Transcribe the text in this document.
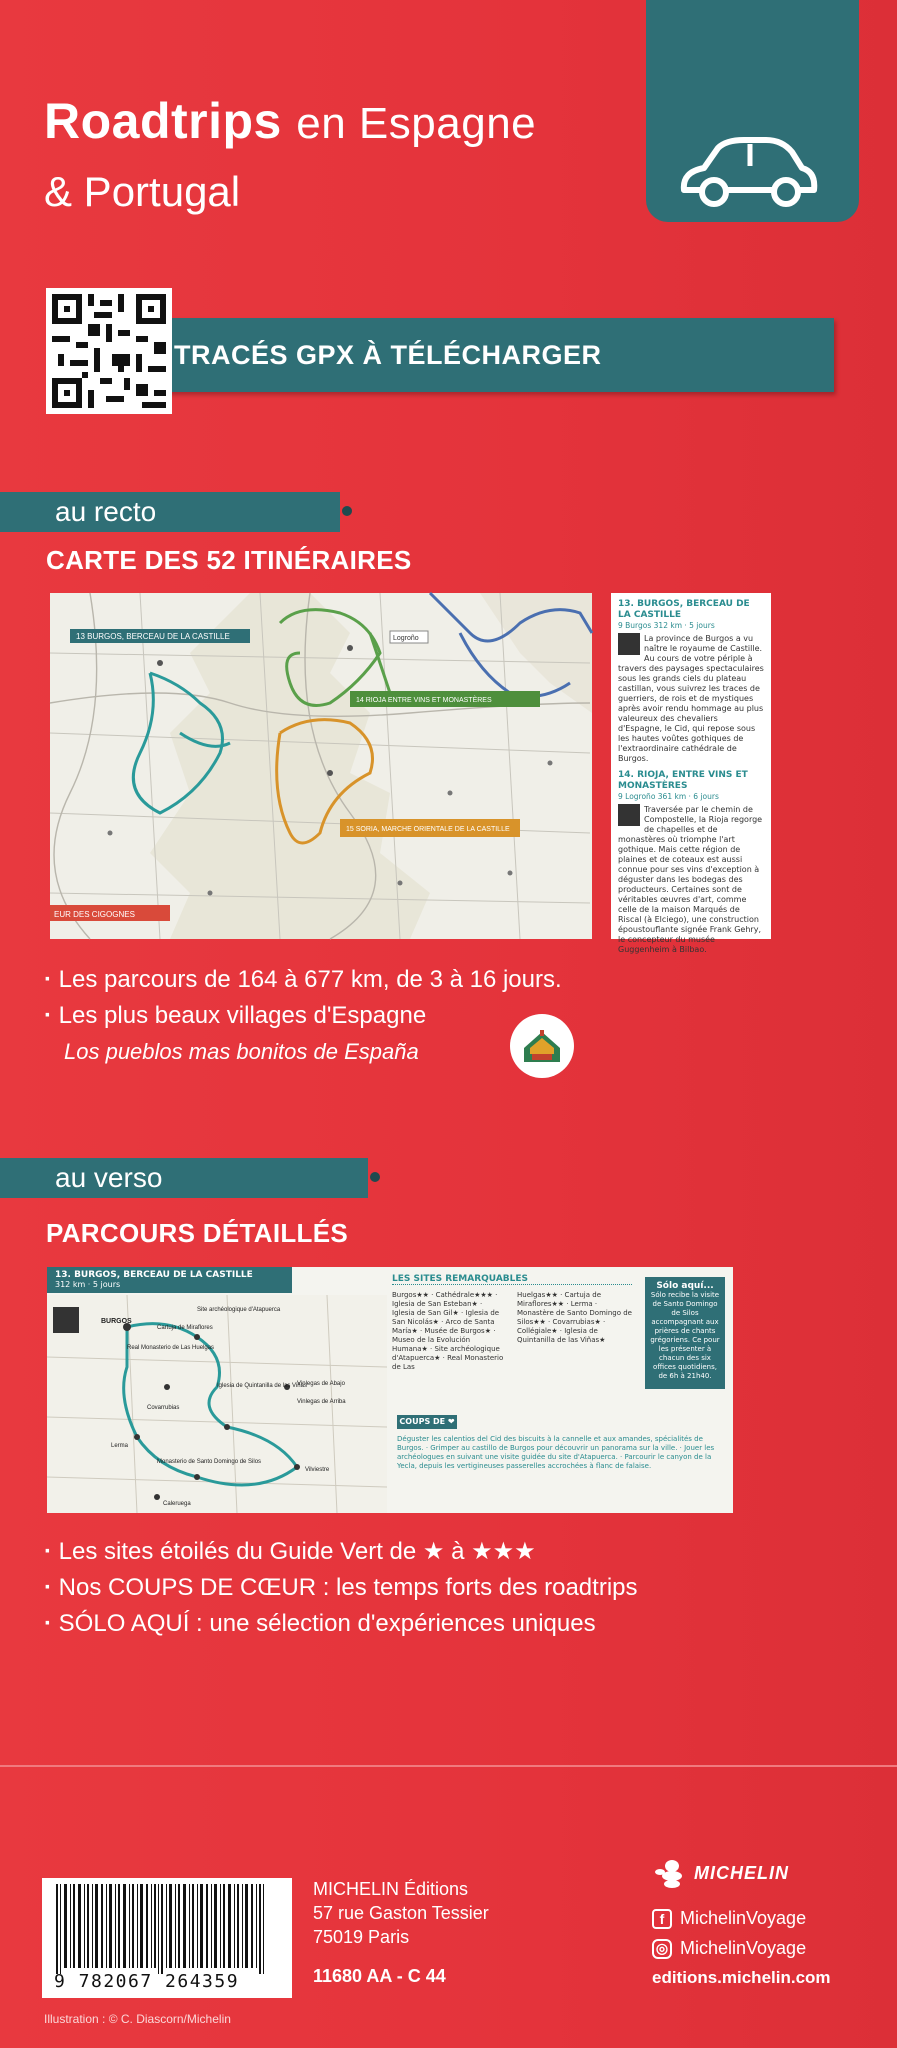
Roadtrips en Espagne
& Portugal
TRACÉS GPX À TÉLÉCHARGER
au recto
CARTE DES 52 ITINÉRAIRES
13 BURGOS, BERCEAU DE LA CASTILLE
14 RIOJA ENTRE VINS ET MONASTÈRES
15 SORIA, MARCHE ORIENTALE DE LA CASTILLE
EUR DES CIGOGNES
Logroño
13. BURGOS, BERCEAU DE LA CASTILLE
9 Burgos 312 km · 5 jours

La province de Burgos a vu naître le royaume de Castille. Au cours de votre périple à travers des paysages spectaculaires sous les grands ciels du plateau castillan, vous suivrez les traces de guerriers, de rois et de mystiques après avoir rendu hommage au plus valeureux des chevaliers d'Espagne, le Cid, qui repose sous les hautes voûtes gothiques de l'extraordinaire cathédrale de Burgos.

14. RIOJA, ENTRE VINS ET MONASTÈRES
9 Logroño 361 km · 6 jours

Traversée par le chemin de Compostelle, la Rioja regorge de chapelles et de monastères où triomphe l'art gothique. Mais cette région de plaines et de coteaux est aussi connue pour ses vins d'exception à déguster dans les bodegas des producteurs. Certaines sont de véritables œuvres d'art, comme celle de la maison Marqués de Riscal (à Elciego), une construction époustouflante signée Frank Gehry, le concepteur du musée Guggenheim à Bilbao.

· Les parcours de 164 à 677 km, de 3 à 16 jours.
· Les plus beaux villages d'Espagne
Los pueblos mas bonitos de España
au verso
PARCOURS DÉTAILLÉS
13. BURGOS, BERCEAU DE LA CASTILLE
312 km · 5 jours
BURGOS
Cartuja de Miraflores
Site archéologique d'Atapuerca
Real Monasterio de Las Huelgas
Iglesia de Quintanilla de las Viñas
Covarrubias
Vinlegas de Abajo
Vinlegas de Arriba
Lerma
Monasterio de Santo Domingo de Silos
Vilviestre
Caleruega
LES SITES REMARQUABLES
Burgos★★ · Cathédrale★★★ · Iglesia de San Esteban★ · Iglesia de San Gil★ · Iglesia de San Nicolás★ · Arco de Santa María★ · Musée de Burgos★ · Museo de la Evolución Humana★ · Site archéologique d'Atapuerca★ · Real Monasterio de Las
Huelgas★★ · Cartuja de Miraflores★★ · Lerma · Monastère de Santo Domingo de Silos★★ · Covarrubias★ · Collégiale★ · Iglesia de Quintanilla de las Viñas★
COUPS DE ❤
Déguster les calentios del Cid des biscuits à la cannelle et aux amandes, spécialités de Burgos. · Grimper au castillo de Burgos pour découvrir un panorama sur la ville. · Jouer les archéologues en suivant une visite guidée du site d'Atapuerca. · Parcourir le canyon de la Yecla, depuis les vertigineuses passerelles accrochées à flanc de falaise.
Sólo aquí...
Sólo recibe la visite de Santo Domingo de Silos accompagnant aux prières de chants grégoriens. Ce pour les présenter à chacun des six offices quotidiens, de 6h à 21h40.
· Les sites étoilés du Guide Vert de ★ à ★★★
· Nos COUPS DE CŒUR : les temps forts des roadtrips
· SÓLO AQUÍ : une sélection d'expériences uniques
9 782067 264359
MICHELIN Éditions
57 rue Gaston Tessier
75019 Paris
11680 AA - C 44
Illustration : © C. Diascorn/Michelin
MICHELIN
f MichelinVoyage
◎ MichelinVoyage
editions.michelin.com
